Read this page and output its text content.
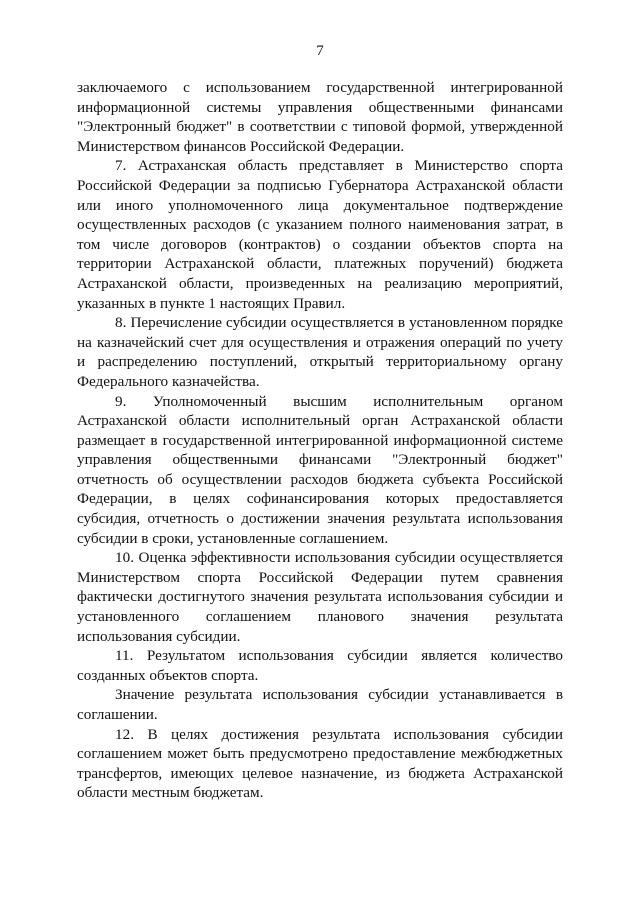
7

заключаемого с использованием государственной интегрированной информационной системы управления общественными финансами "Электронный бюджет" в соответствии с типовой формой, утвержденной Министерством финансов Российской Федерации.

7. Астраханская область представляет в Министерство спорта Российской Федерации за подписью Губернатора Астраханской области или иного уполномоченного лица документальное подтверждение осуществленных расходов (с указанием полного наименования затрат, в том числе договоров (контрактов) о создании объектов спорта на территории Астраханской области, платежных поручений) бюджета Астраханской области, произведенных на реализацию мероприятий, указанных в пункте 1 настоящих Правил.

8. Перечисление субсидии осуществляется в установленном порядке на казначейский счет для осуществления и отражения операций по учету и распределению поступлений, открытый территориальному органу Федерального казначейства.

9. Уполномоченный высшим исполнительным органом Астраханской области исполнительный орган Астраханской области размещает в государственной интегрированной информационной системе управления общественными финансами "Электронный бюджет" отчетность об осуществлении расходов бюджета субъекта Российской Федерации, в целях софинансирования которых предоставляется субсидия, отчетность о достижении значения результата использования субсидии в сроки, установленные соглашением.

10. Оценка эффективности использования субсидии осуществляется Министерством спорта Российской Федерации путем сравнения фактически достигнутого значения результата использования субсидии и установленного соглашением планового значения результата использования субсидии.

11. Результатом использования субсидии является количество созданных объектов спорта.

Значение результата использования субсидии устанавливается в соглашении.

12. В целях достижения результата использования субсидии соглашением может быть предусмотрено предоставление межбюджетных трансфертов, имеющих целевое назначение, из бюджета Астраханской области местным бюджетам.
